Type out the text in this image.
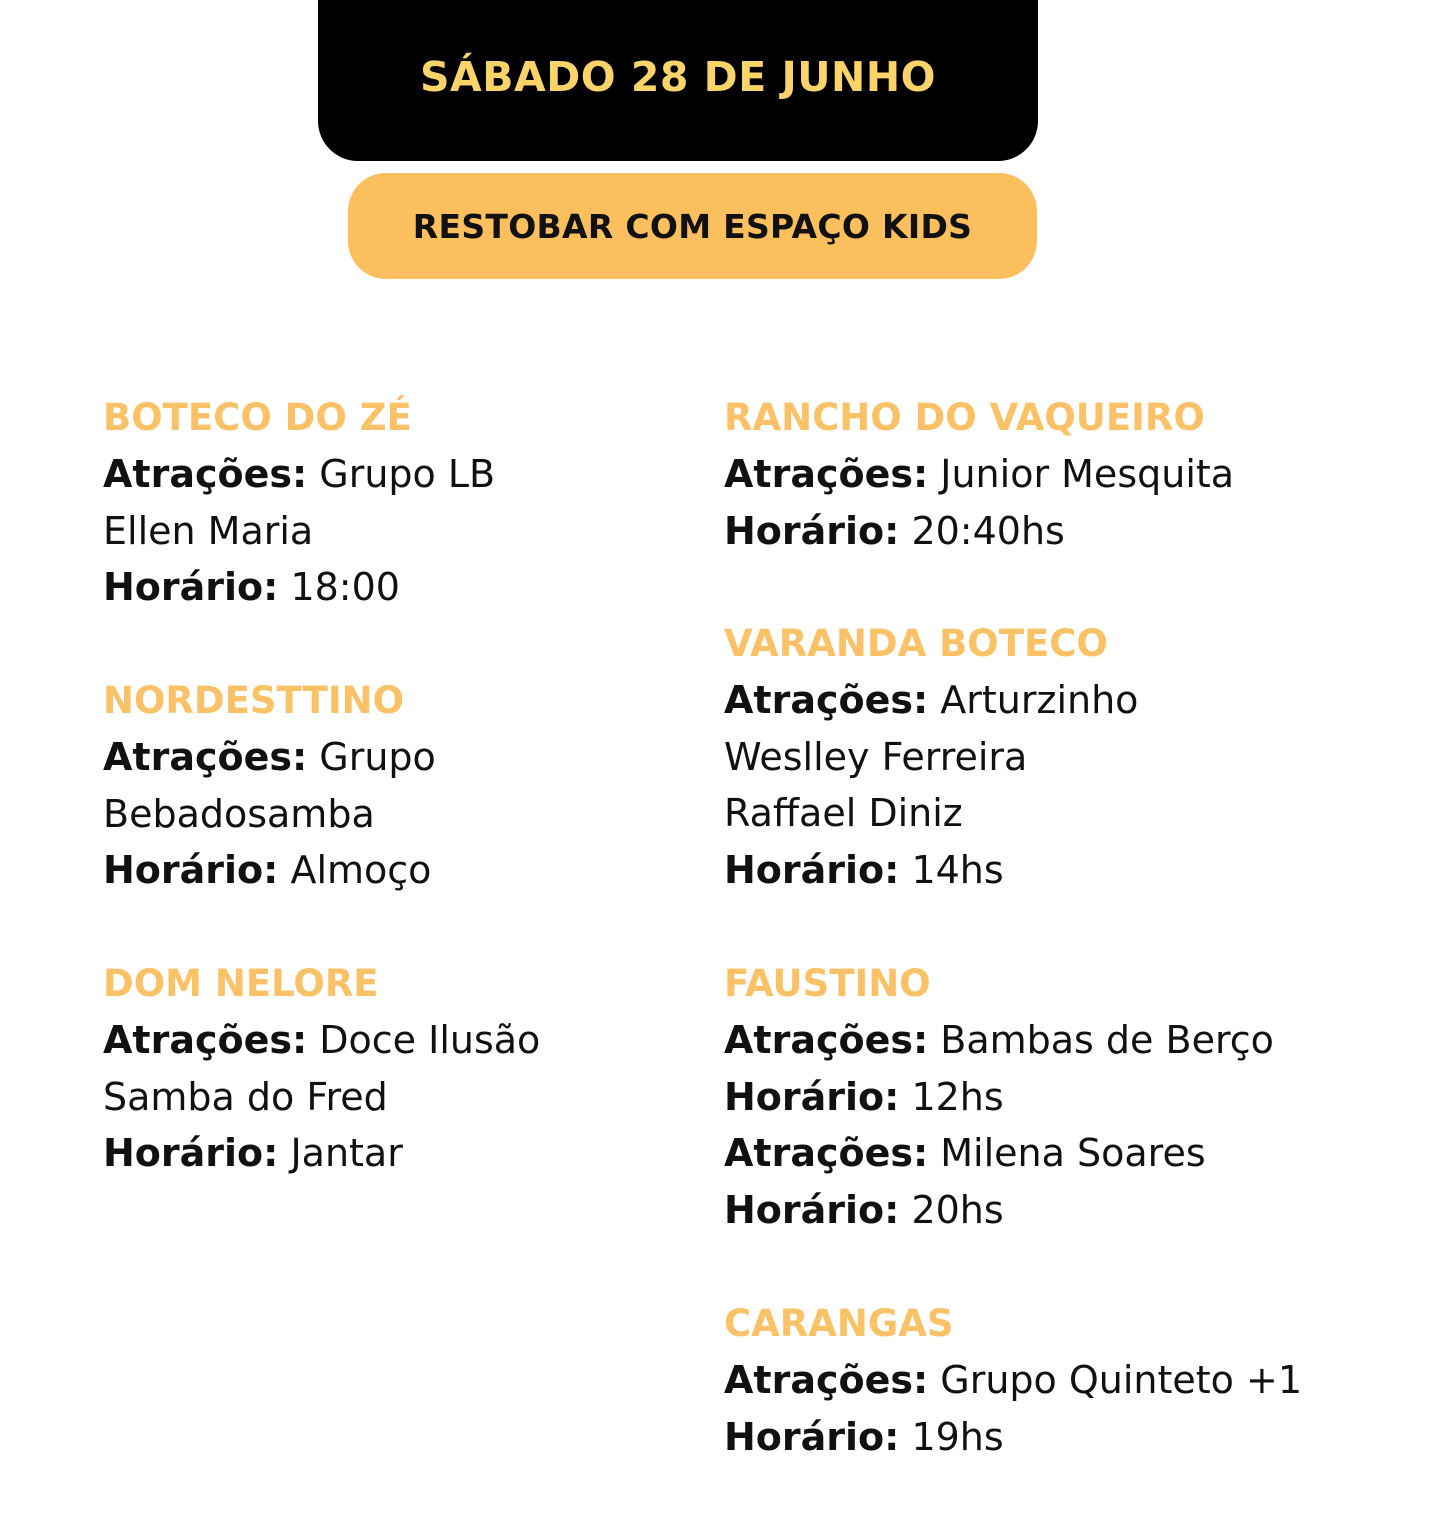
SÁBADO 28 DE JUNHO
RESTOBAR COM ESPAÇO KIDS
BOTECO DO ZÉ
Atrações: Grupo LB
Ellen Maria
Horário: 18:00
NORDESTTINO
Atrações: Grupo
Bebadosamba
Horário: Almoço
DOM NELORE
Atrações: Doce Ilusão
Samba do Fred
Horário: Jantar
RANCHO DO VAQUEIRO
Atrações: Junior Mesquita
Horário: 20:40hs
VARANDA BOTECO
Atrações: Arturzinho
Weslley Ferreira
Raffael Diniz
Horário: 14hs
FAUSTINO
Atrações: Bambas de Berço
Horário: 12hs
Atrações: Milena Soares
Horário: 20hs
CARANGAS
Atrações: Grupo Quinteto +1
Horário: 19hs
